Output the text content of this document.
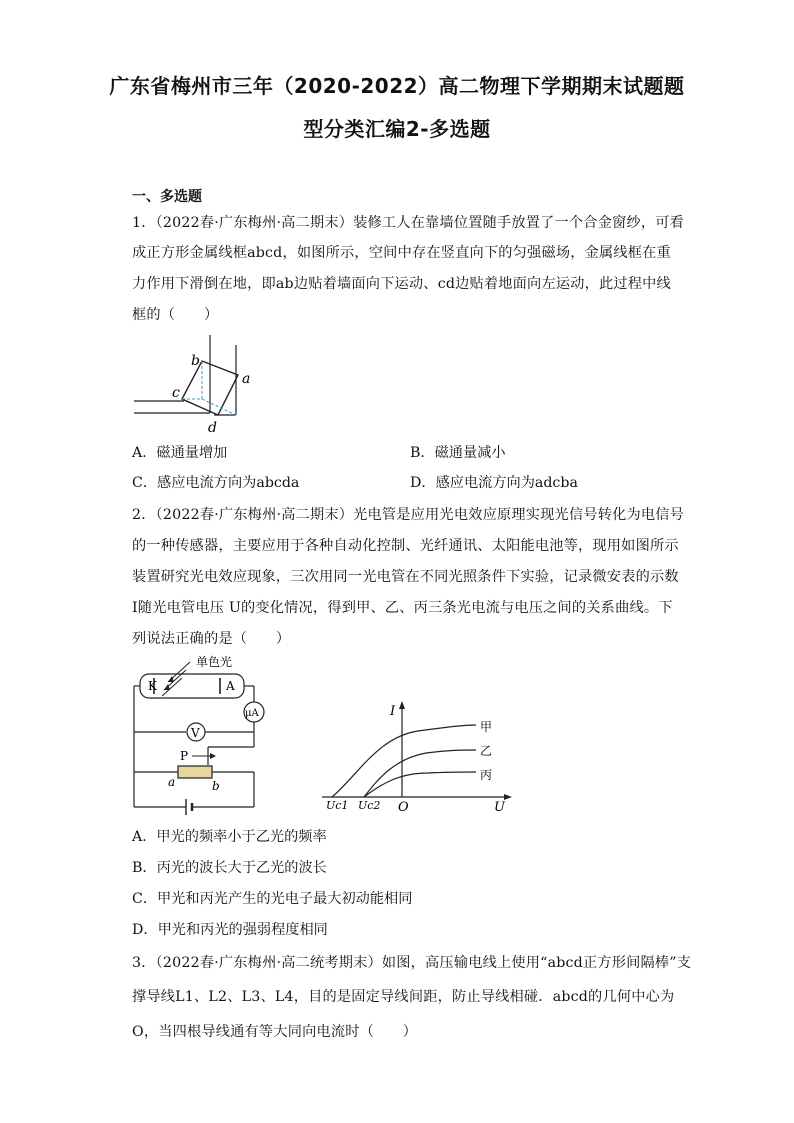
广东省梅州市三年（2020-2022）高二物理下学期期末试题题
型分类汇编2-多选题
一、多选题
1．（2022春·广东梅州·高二期末）装修工人在靠墙位置随手放置了一个合金窗纱，可看
成正方形金属线框abcd，如图所示，空间中存在竖直向下的匀强磁场，金属线框在重
力作用下滑倒在地，即ab边贴着墙面向下运动、cd边贴着地面向左运动，此过程中线
框的（　　）
b
a
c
d
A．磁通量增加	B．磁通量减小
C．感应电流方向为abcda	D．感应电流方向为adcba
2．（2022春·广东梅州·高二期末）光电管是应用光电效应原理实现光信号转化为电信号
的一种传感器，主要应用于各种自动化控制、光纤通讯、太阳能电池等，现用如图所示
装置研究光电效应现象，三次用同一光电管在不同光照条件下实验，记录微安表的示数
I随光电管电压 U的变化情况，得到甲、乙、丙三条光电流与电压之间的关系曲线。下
列说法正确的是（　　）
K	A
单色光
μA
V
P
a	b
I
U
O
Uc1 Uc2
甲
乙
丙
A．甲光的频率小于乙光的频率
B．丙光的波长大于乙光的波长
C．甲光和丙光产生的光电子最大初动能相同
D．甲光和丙光的强弱程度相同
3．（2022春·广东梅州·高二统考期末）如图，高压输电线上使用“abcd正方形间隔棒”支
撑导线L1、L2、L3、L4，目的是固定导线间距，防止导线相碰．abcd的几何中心为
O，当四根导线通有等大同向电流时（　　）
